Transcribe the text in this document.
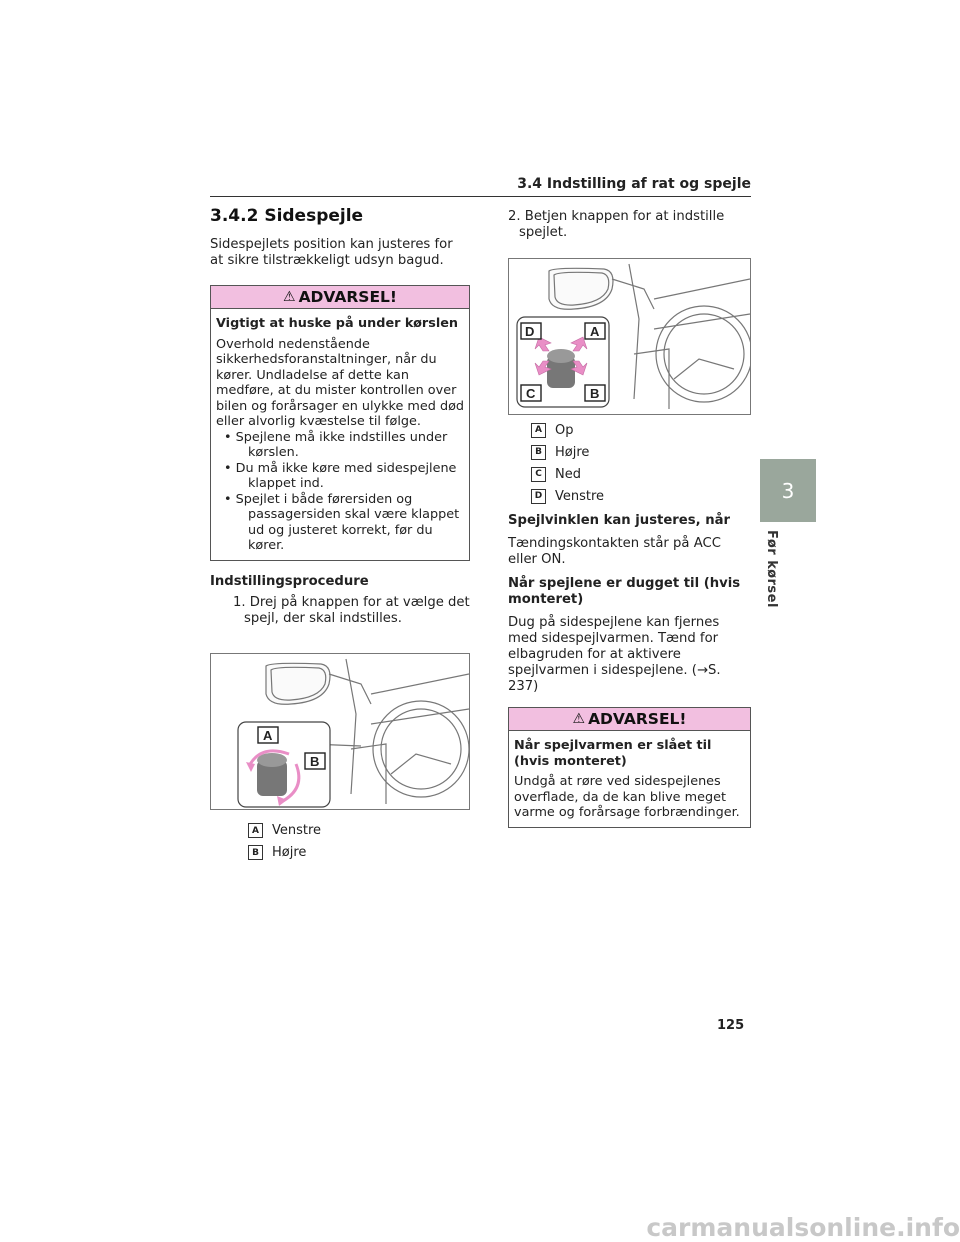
3.4 Indstilling af rat og spejle
3
Før kørsel
3.4.2 Sidespejle

Sidespejlets position kan justeres for at sikre tilstrækkeligt udsyn bagud.

⚠ ADVARSEL!

Vigtigt at huske på under kørslen

Overhold nedenstående sikkerhedsforanstaltninger, når du kører. Undladelse af dette kan medføre, at du mister kontrollen over bilen og forårsager en ulykke med død eller alvorlig kvæstelse til følge.

• Spejlene må ikke indstilles under kørslen.
• Du må ikke køre med sidespejlene klappet ind.
• Spejlet i både førersiden og passagersiden skal være klappet ud og justeret korrekt, før du kører.

Indstillingsprocedure

1. Drej på knappen for at vælge det spejl, der skal indstilles.

A
B
A	Venstre
B	Højre

2. Betjen knappen for at indstille spejlet.

D	A
C	B
A	Op
B	Højre
C	Ned
D Venstre

Spejlvinklen kan justeres, når

Tændingskontakten står på ACC eller ON.

Når spejlene er dugget til (hvis monteret)

Dug på sidespejlene kan fjernes med sidespejlvarmen. Tænd for elbagruden for at aktivere spejlvarmen i sidespejlene. (→S. 237)

⚠ ADVARSEL!

Når spejlvarmen er slået til (hvis monteret)

Undgå at røre ved sidespejlenes overflade, da de kan blive meget varme og forårsage forbrændinger.

125
carmanualsonline.info
